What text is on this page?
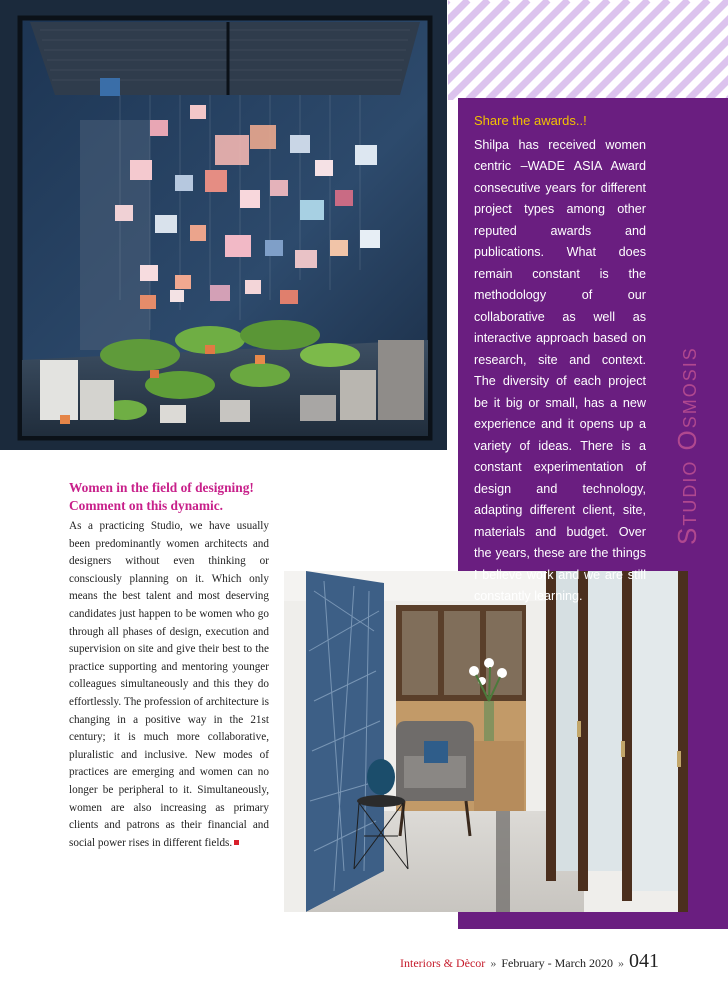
Share the awards..!

Shilpa has received women centric –WADE ASIA Award consecutive years for different project types among other reputed awards and publications. What does remain constant is the methodology of our collaborative as well as interactive approach based on research, site and context. The diversity of each project be it big or small, has a new experience and it opens up a variety of ideas. There is a constant experimentation of design and technology, adapting different client, site, materials and budget. Over the years, these are the things I believe work and we are still constantly learning.

Studio Osmosis
Women in the field of designing! Comment on this dynamic.

As a practicing Studio, we have usually been predominantly women architects and designers without even thinking or consciously planning on it. Which only means the best talent and most deserving candidates just happen to be women who go through all phases of design, execution and supervision on site and give their best to the practice supporting and mentoring younger colleagues simultaneously and this they do effortlessly. The profession of architecture is changing in a positive way in the 21st century; it is much more collaborative, pluralistic and inclusive. New modes of practices are emerging and women can no longer be peripheral to it. Simultaneously, women are also increasing as primary clients and patrons as their financial and social power rises in different fields.

Interiors & Dècor » February - March 2020 » 041
